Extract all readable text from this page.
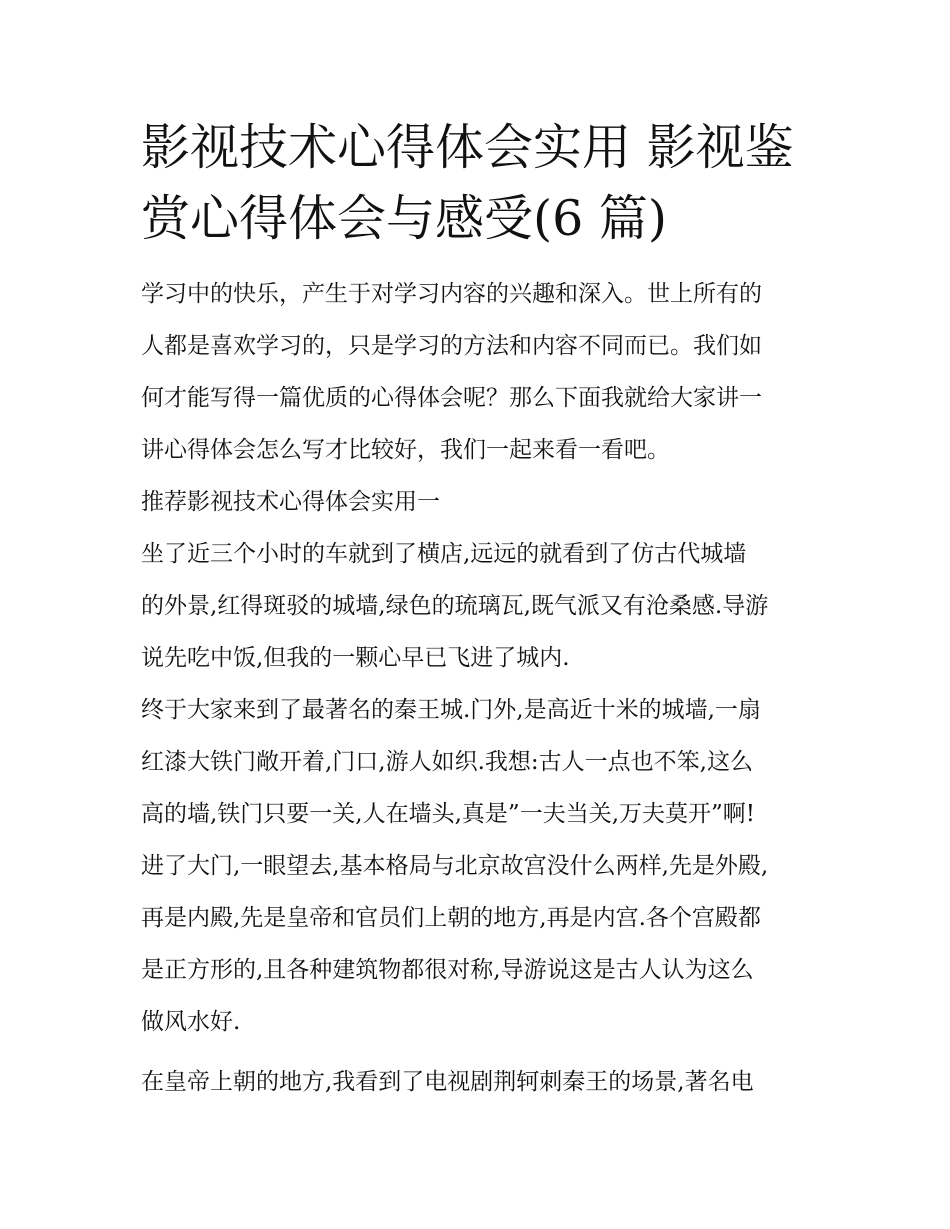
影视技术心得体会实用 影视鉴
赏心得体会与感受(6 篇)

学习中的快乐，产生于对学习内容的兴趣和深入。世上所有的
人都是喜欢学习的，只是学习的方法和内容不同而已。我们如
何才能写得一篇优质的心得体会呢？那么下面我就给大家讲一
讲心得体会怎么写才比较好，我们一起来看一看吧。

推荐影视技术心得体会实用一

坐了近三个小时的车就到了横店,远远的就看到了仿古代城墙
的外景,红得斑驳的城墙,绿色的琉璃瓦,既气派又有沧桑感.导游
说先吃中饭,但我的一颗心早已飞进了城内.

终于大家来到了最著名的秦王城.门外,是高近十米的城墙,一扇
红漆大铁门敞开着,门口,游人如织.我想:古人一点也不笨,这么
高的墙,铁门只要一关,人在墙头,真是”一夫当关,万夫莫开”啊!
进了大门,一眼望去,基本格局与北京故宫没什么两样,先是外殿,
再是内殿,先是皇帝和官员们上朝的地方,再是内宫.各个宫殿都
是正方形的,且各种建筑物都很对称,导游说这是古人认为这么
做风水好.

在皇帝上朝的地方,我看到了电视剧荆轲刺秦王的场景,著名电
